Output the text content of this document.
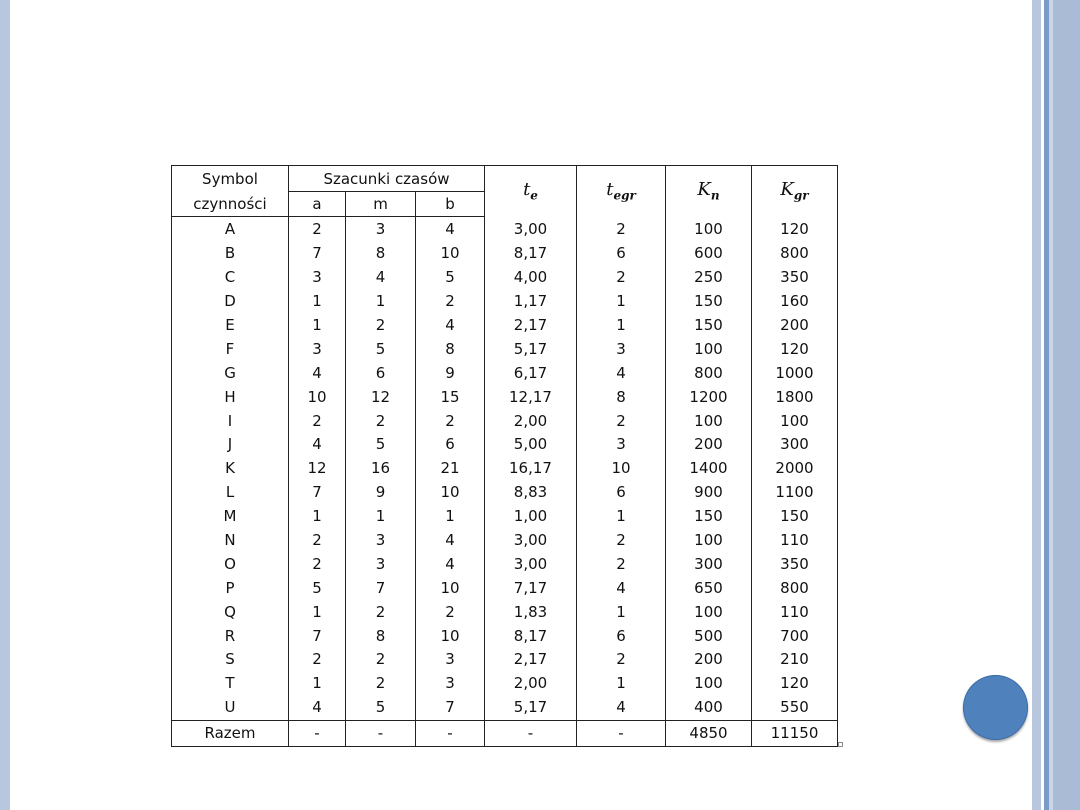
Symbol	Szacunki czasów			$t_e$	$t_{egr}$	$K_n$	$K_{gr}$
czynności	a	m	b				
A	2	3	4	3,00	2	100	120
B	7	8	10	8,17	6	600	800
C	3	4	5	4,00	2	250	350
D	1	1	2	1,17	1	150	160
E	1	2	4	2,17	1	150	200
F	3	5	8	5,17	3	100	120
G	4	6	9	6,17	4	800	1000
H	10	12	15	12,17	8	1200	1800
I	2	2	2	2,00	2	100	100
J	4	5	6	5,00	3	200	300
K	12	16	21	16,17	10	1400	2000
L	7	9	10	8,83	6	900	1100
M	1	1	1	1,00	1	150	150
N	2	3	4	3,00	2	100	110
O	2	3	4	3,00	2	300	350
P	5	7	10	7,17	4	650	800
Q	1	2	2	1,83	1	100	110
R	7	8	10	8,17	6	500	700
S	2	2	3	2,17	2	200	210
T	1	2	3	2,00	1	100	120
U	4	5	7	5,17	4	400	550
Razem	-	-	-	-	-	4850	11150
